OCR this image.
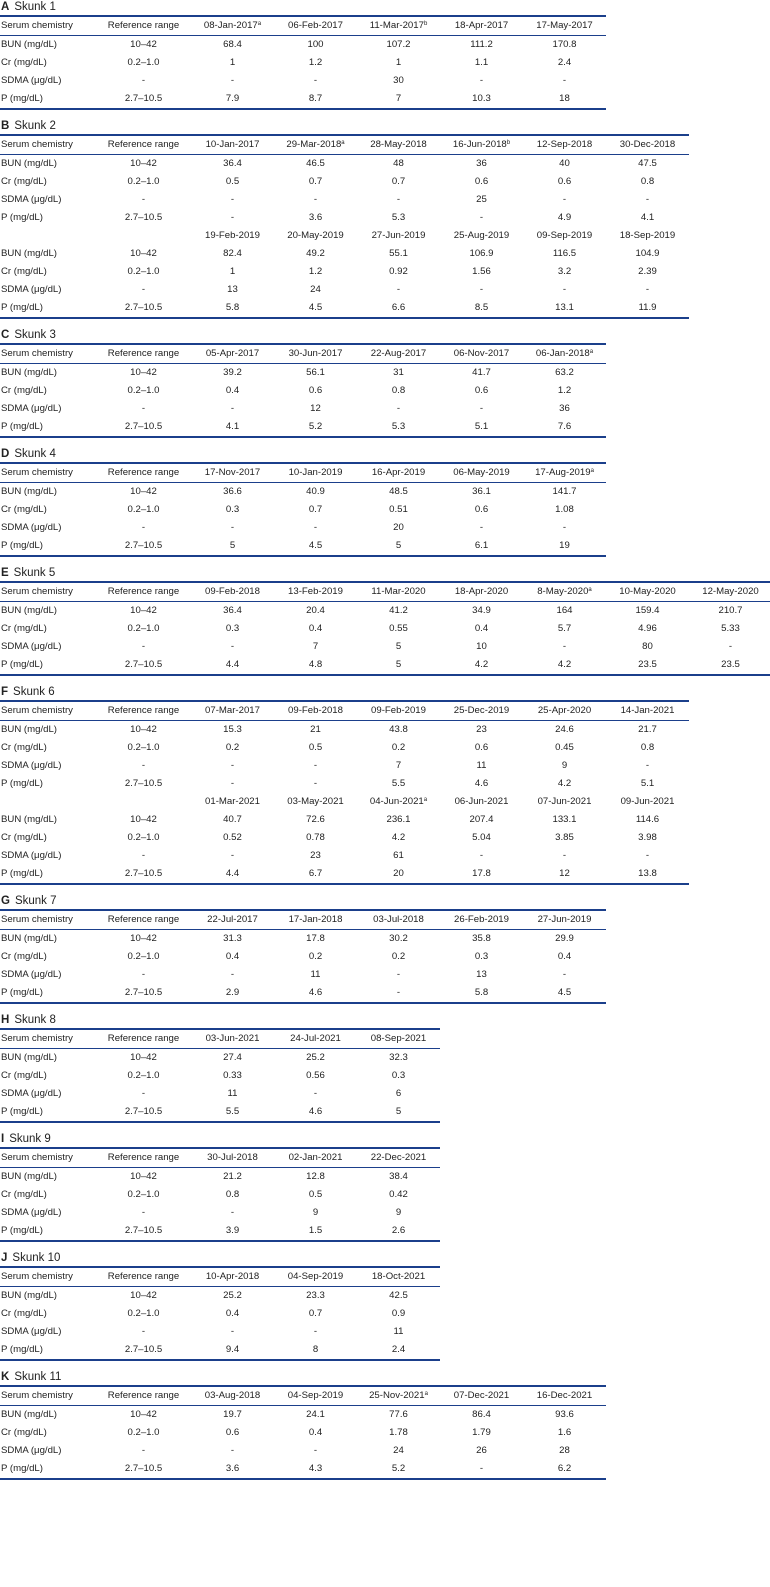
A Skunk 1
Serum chemistry	Reference range	08-Jan-2017$^a$	06-Feb-2017	11-Mar-2017$^b$	18-Apr-2017	17-May-2017
BUN (mg/dL)	10–42	68.4	100	107.2	111.2	170.8
Cr (mg/dL)	0.2–1.0	1	1.2	1	1.1	2.4
SDMA (μg/dL)	-	-	-	30	-	-
P (mg/dL)	2.7–10.5	7.9	8.7	7	10.3	18
B Skunk 2
Serum chemistry	Reference range	10-Jan-2017	29-Mar-2018$^a$	28-May-2018	16-Jun-2018$^b$	12-Sep-2018	30-Dec-2018
BUN (mg/dL)	10–42	36.4	46.5	48	36	40	47.5
Cr (mg/dL)	0.2–1.0	0.5	0.7	0.7	0.6	0.6	0.8
SDMA (μg/dL)	-	-	-	-	25	-	-
P (mg/dL)	2.7–10.5	-	3.6	5.3	-	4.9	4.1
		19-Feb-2019	20-May-2019	27-Jun-2019	25-Aug-2019	09-Sep-2019	18-Sep-2019
BUN (mg/dL)	10–42	82.4	49.2	55.1	106.9	116.5	104.9
Cr (mg/dL)	0.2–1.0	1	1.2	0.92	1.56	3.2	2.39
SDMA (μg/dL)	-	13	24	-	-	-	-
P (mg/dL)	2.7–10.5	5.8	4.5	6.6	8.5	13.1	11.9
C Skunk 3
Serum chemistry	Reference range	05-Apr-2017	30-Jun-2017	22-Aug-2017	06-Nov-2017	06-Jan-2018$^a$
BUN (mg/dL)	10–42	39.2	56.1	31	41.7	63.2
Cr (mg/dL)	0.2–1.0	0.4	0.6	0.8	0.6	1.2
SDMA (μg/dL)	-	-	12	-	-	36
P (mg/dL)	2.7–10.5	4.1	5.2	5.3	5.1	7.6
D Skunk 4
Serum chemistry	Reference range	17-Nov-2017	10-Jan-2019	16-Apr-2019	06-May-2019	17-Aug-2019$^a$
BUN (mg/dL)	10–42	36.6	40.9	48.5	36.1	141.7
Cr (mg/dL)	0.2–1.0	0.3	0.7	0.51	0.6	1.08
SDMA (μg/dL)	-	-	-	20	-	-
P (mg/dL)	2.7–10.5	5	4.5	5	6.1	19
E Skunk 5
Serum chemistry	Reference range	09-Feb-2018	13-Feb-2019	11-Mar-2020	18-Apr-2020	8-May-2020$^a$	10-May-2020	12-May-2020
BUN (mg/dL)	10–42	36.4	20.4	41.2	34.9	164	159.4	210.7
Cr (mg/dL)	0.2–1.0	0.3	0.4	0.55	0.4	5.7	4.96	5.33
SDMA (μg/dL)	-	-	7	5	10	-	80	-
P (mg/dL)	2.7–10.5	4.4	4.8	5	4.2	4.2	23.5	23.5
F Skunk 6
Serum chemistry	Reference range	07-Mar-2017	09-Feb-2018	09-Feb-2019	25-Dec-2019	25-Apr-2020	14-Jan-2021
BUN (mg/dL)	10–42	15.3	21	43.8	23	24.6	21.7
Cr (mg/dL)	0.2–1.0	0.2	0.5	0.2	0.6	0.45	0.8
SDMA (μg/dL)	-	-	-	7	11	9	-
P (mg/dL)	2.7–10.5	-	-	5.5	4.6	4.2	5.1
		01-Mar-2021	03-May-2021	04-Jun-2021$^a$	06-Jun-2021	07-Jun-2021	09-Jun-2021
BUN (mg/dL)	10–42	40.7	72.6	236.1	207.4	133.1	114.6
Cr (mg/dL)	0.2–1.0	0.52	0.78	4.2	5.04	3.85	3.98
SDMA (μg/dL)	-	-	23	61	-	-	-
P (mg/dL)	2.7–10.5	4.4	6.7	20	17.8	12	13.8
G Skunk 7
Serum chemistry	Reference range	22-Jul-2017	17-Jan-2018	03-Jul-2018	26-Feb-2019	27-Jun-2019
BUN (mg/dL)	10–42	31.3	17.8	30.2	35.8	29.9
Cr (mg/dL)	0.2–1.0	0.4	0.2	0.2	0.3	0.4
SDMA (μg/dL)	-	-	11	-	13	-
P (mg/dL)	2.7–10.5	2.9	4.6	-	5.8	4.5
H Skunk 8
Serum chemistry	Reference range	03-Jun-2021	24-Jul-2021	08-Sep-2021
BUN (mg/dL)	10–42	27.4	25.2	32.3
Cr (mg/dL)	0.2–1.0	0.33	0.56	0.3
SDMA (μg/dL)	-	11	-	6
P (mg/dL)	2.7–10.5	5.5	4.6	5
I Skunk 9
Serum chemistry	Reference range	30-Jul-2018	02-Jan-2021	22-Dec-2021
BUN (mg/dL)	10–42	21.2	12.8	38.4
Cr (mg/dL)	0.2–1.0	0.8	0.5	0.42
SDMA (μg/dL)	-	-	9	9
P (mg/dL)	2.7–10.5	3.9	1.5	2.6
J Skunk 10
Serum chemistry	Reference range	10-Apr-2018	04-Sep-2019	18-Oct-2021
BUN (mg/dL)	10–42	25.2	23.3	42.5
Cr (mg/dL)	0.2–1.0	0.4	0.7	0.9
SDMA (μg/dL)	-	-	-	11
P (mg/dL)	2.7–10.5	9.4	8	2.4
K Skunk 11
Serum chemistry	Reference range	03-Aug-2018	04-Sep-2019	25-Nov-2021$^a$	07-Dec-2021	16-Dec-2021
BUN (mg/dL)	10–42	19.7	24.1	77.6	86.4	93.6
Cr (mg/dL)	0.2–1.0	0.6	0.4	1.78	1.79	1.6
SDMA (μg/dL)	-	-	-	24	26	28
P (mg/dL)	2.7–10.5	3.6	4.3	5.2	-	6.2
